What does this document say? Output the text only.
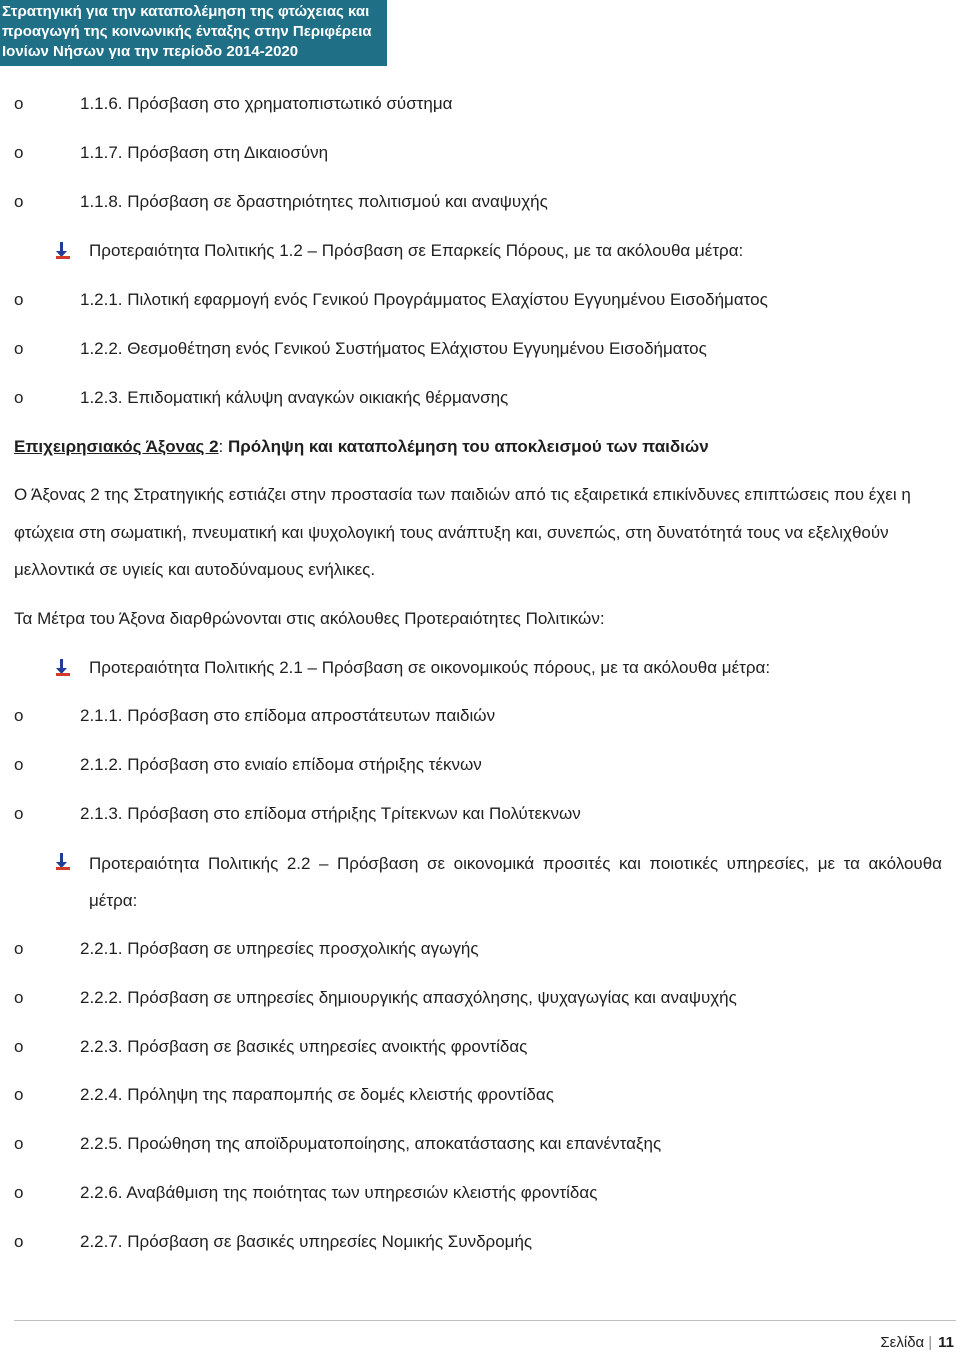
Στρατηγική για την καταπολέμηση της φτώχειας και
προαγωγή της κοινωνικής ένταξης στην Περιφέρεια
Ιονίων Νήσων για την περίοδο 2014-2020
o	1.1.6. Πρόσβαση στο χρηματοπιστωτικό σύστημα
o	1.1.7. Πρόσβαση στη Δικαιοσύνη
o	1.1.8. Πρόσβαση σε δραστηριότητες πολιτισμού και αναψυχής
Προτεραιότητα Πολιτικής 1.2 – Πρόσβαση σε Επαρκείς Πόρους, με τα ακόλουθα μέτρα:
o	1.2.1. Πιλοτική εφαρμογή ενός Γενικού Προγράμματος Ελαχίστου Εγγυημένου Εισοδήματος
o	1.2.2. Θεσμοθέτηση ενός Γενικού Συστήματος Ελάχιστου Εγγυημένου Εισοδήματος
o	1.2.3. Επιδοματική κάλυψη αναγκών οικιακής θέρμανσης
Επιχειρησιακός Άξονας 2: Πρόληψη και καταπολέμηση του αποκλεισμού των παιδιών
Ο Άξονας 2 της Στρατηγικής εστιάζει στην προστασία των παιδιών από τις εξαιρετικά επικίνδυνες επιπτώσεις που έχει η φτώχεια στη σωματική, πνευματική και ψυχολογική τους ανάπτυξη και, συνεπώς, στη δυνατότητά τους να εξελιχθούν μελλοντικά σε υγιείς και αυτοδύναμους ενήλικες.
Τα Μέτρα του Άξονα διαρθρώνονται στις ακόλουθες Προτεραιότητες Πολιτικών:
Προτεραιότητα Πολιτικής 2.1 – Πρόσβαση σε οικονομικούς πόρους, με τα ακόλουθα μέτρα:
o	2.1.1. Πρόσβαση στο επίδομα απροστάτευτων παιδιών
o	2.1.2. Πρόσβαση στο ενιαίο επίδομα στήριξης τέκνων
o	2.1.3. Πρόσβαση στο επίδομα στήριξης Τρίτεκνων και Πολύτεκνων
Προτεραιότητα Πολιτικής 2.2 – Πρόσβαση σε οικονομικά προσιτές και ποιοτικές υπηρεσίες, με τα ακόλουθα μέτρα:
o	2.2.1. Πρόσβαση σε υπηρεσίες προσχολικής αγωγής
o	2.2.2. Πρόσβαση σε υπηρεσίες δημιουργικής απασχόλησης, ψυχαγωγίας και αναψυχής
o	2.2.3. Πρόσβαση σε βασικές υπηρεσίες ανοικτής φροντίδας
o	2.2.4. Πρόληψη της παραπομπής σε δομές κλειστής φροντίδας
o	2.2.5. Προώθηση της αποϊδρυματοποίησης, αποκατάστασης και επανένταξης
o	2.2.6. Αναβάθμιση της ποιότητας των υπηρεσιών κλειστής φροντίδας
o	2.2.7. Πρόσβαση σε βασικές υπηρεσίες Νομικής Συνδρομής
Σελίδα | 11
